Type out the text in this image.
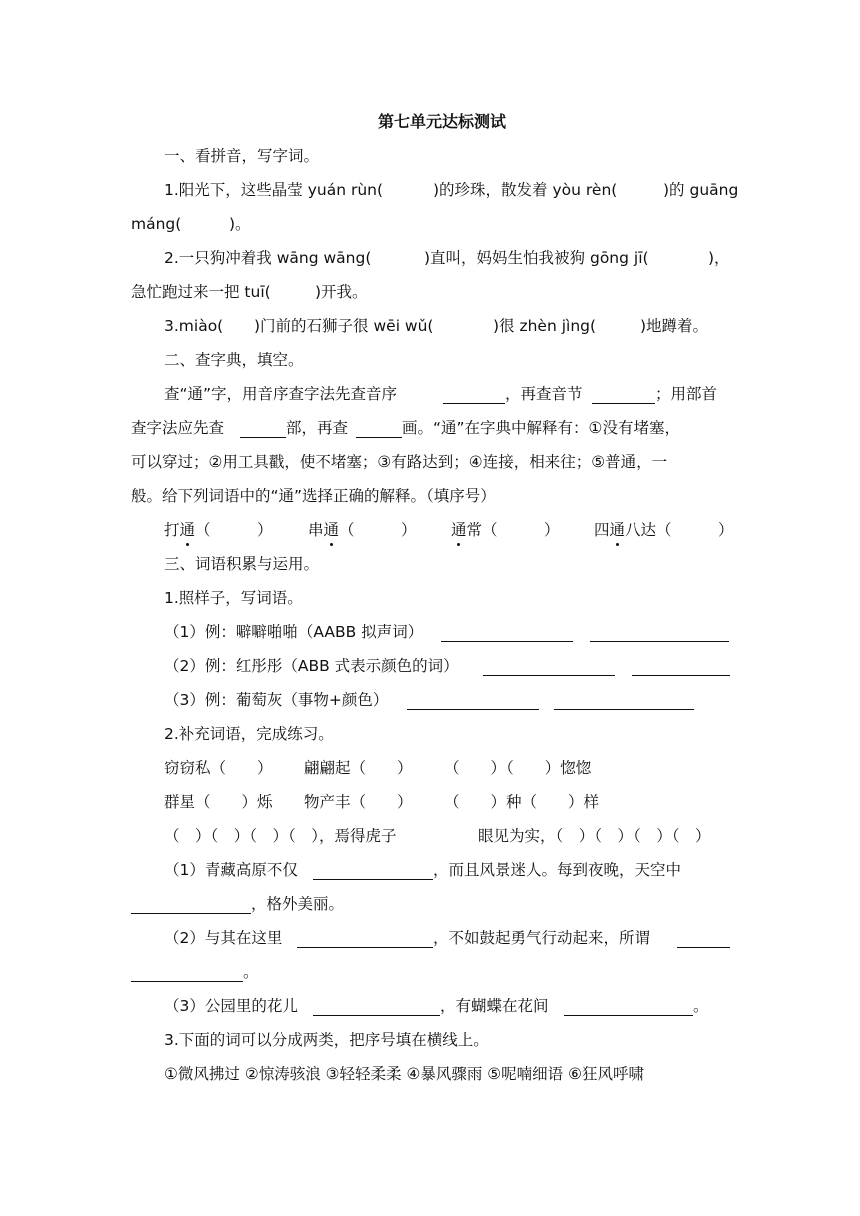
第七单元达标测试
一、看拼音，写字词。
1.阳光下，这些晶莹 yuán rùn(	)的珍珠，散发着 yòu rèn(	)的 guāng
máng(	)。
2.一只狗冲着我 wāng wāng(	)直叫，妈妈生怕我被狗 gōng jī(	)，
急忙跑过来一把 tuī(	)开我。
3.miào( )门前的石狮子很 wēi wǔ(	)很 zhèn jìng(	)地蹲着。
二、查字典，填空。
查“通”字，用音序查字法先查音序	，再查音节	；用部首
查字法应先查	部，再查	画。“通”在字典中解释有：①没有堵塞，
可以穿过；②用工具戳，使不堵塞；③有路达到；④连接，相来往；⑤普通，一
般。给下列词语中的“通”选择正确的解释。（填序号）
打通（　　　） 串通（　　　） 通常（　　　） 四通八达（　　　）
三、词语积累与运用。
1.照样子，写词语。
（1）例：噼噼啪啪（AABB 拟声词）
（2）例：红彤彤（ABB 式表示颜色的词）
（3）例：葡萄灰（事物+颜色）
2.补充词语，完成练习。
窃窃私（　　） 翩翩起（　　） （　　）（　　）惚惚
群星（　　）烁 物产丰（　　） （　　）种（　　）样
（　）（　）（　）（　），焉得虎子	眼见为实，（　）（　）（　）（　）
（1）青藏高原不仅	，而且风景迷人。每到夜晚，天空中
，格外美丽。
（2）与其在这里	，不如鼓起勇气行动起来，所谓
。
（3）公园里的花儿	，有蝴蝶在花间	。
3.下面的词可以分成两类，把序号填在横线上。
①微风拂过 ②惊涛骇浪 ③轻轻柔柔 ④暴风骤雨 ⑤呢喃细语 ⑥狂风呼啸
